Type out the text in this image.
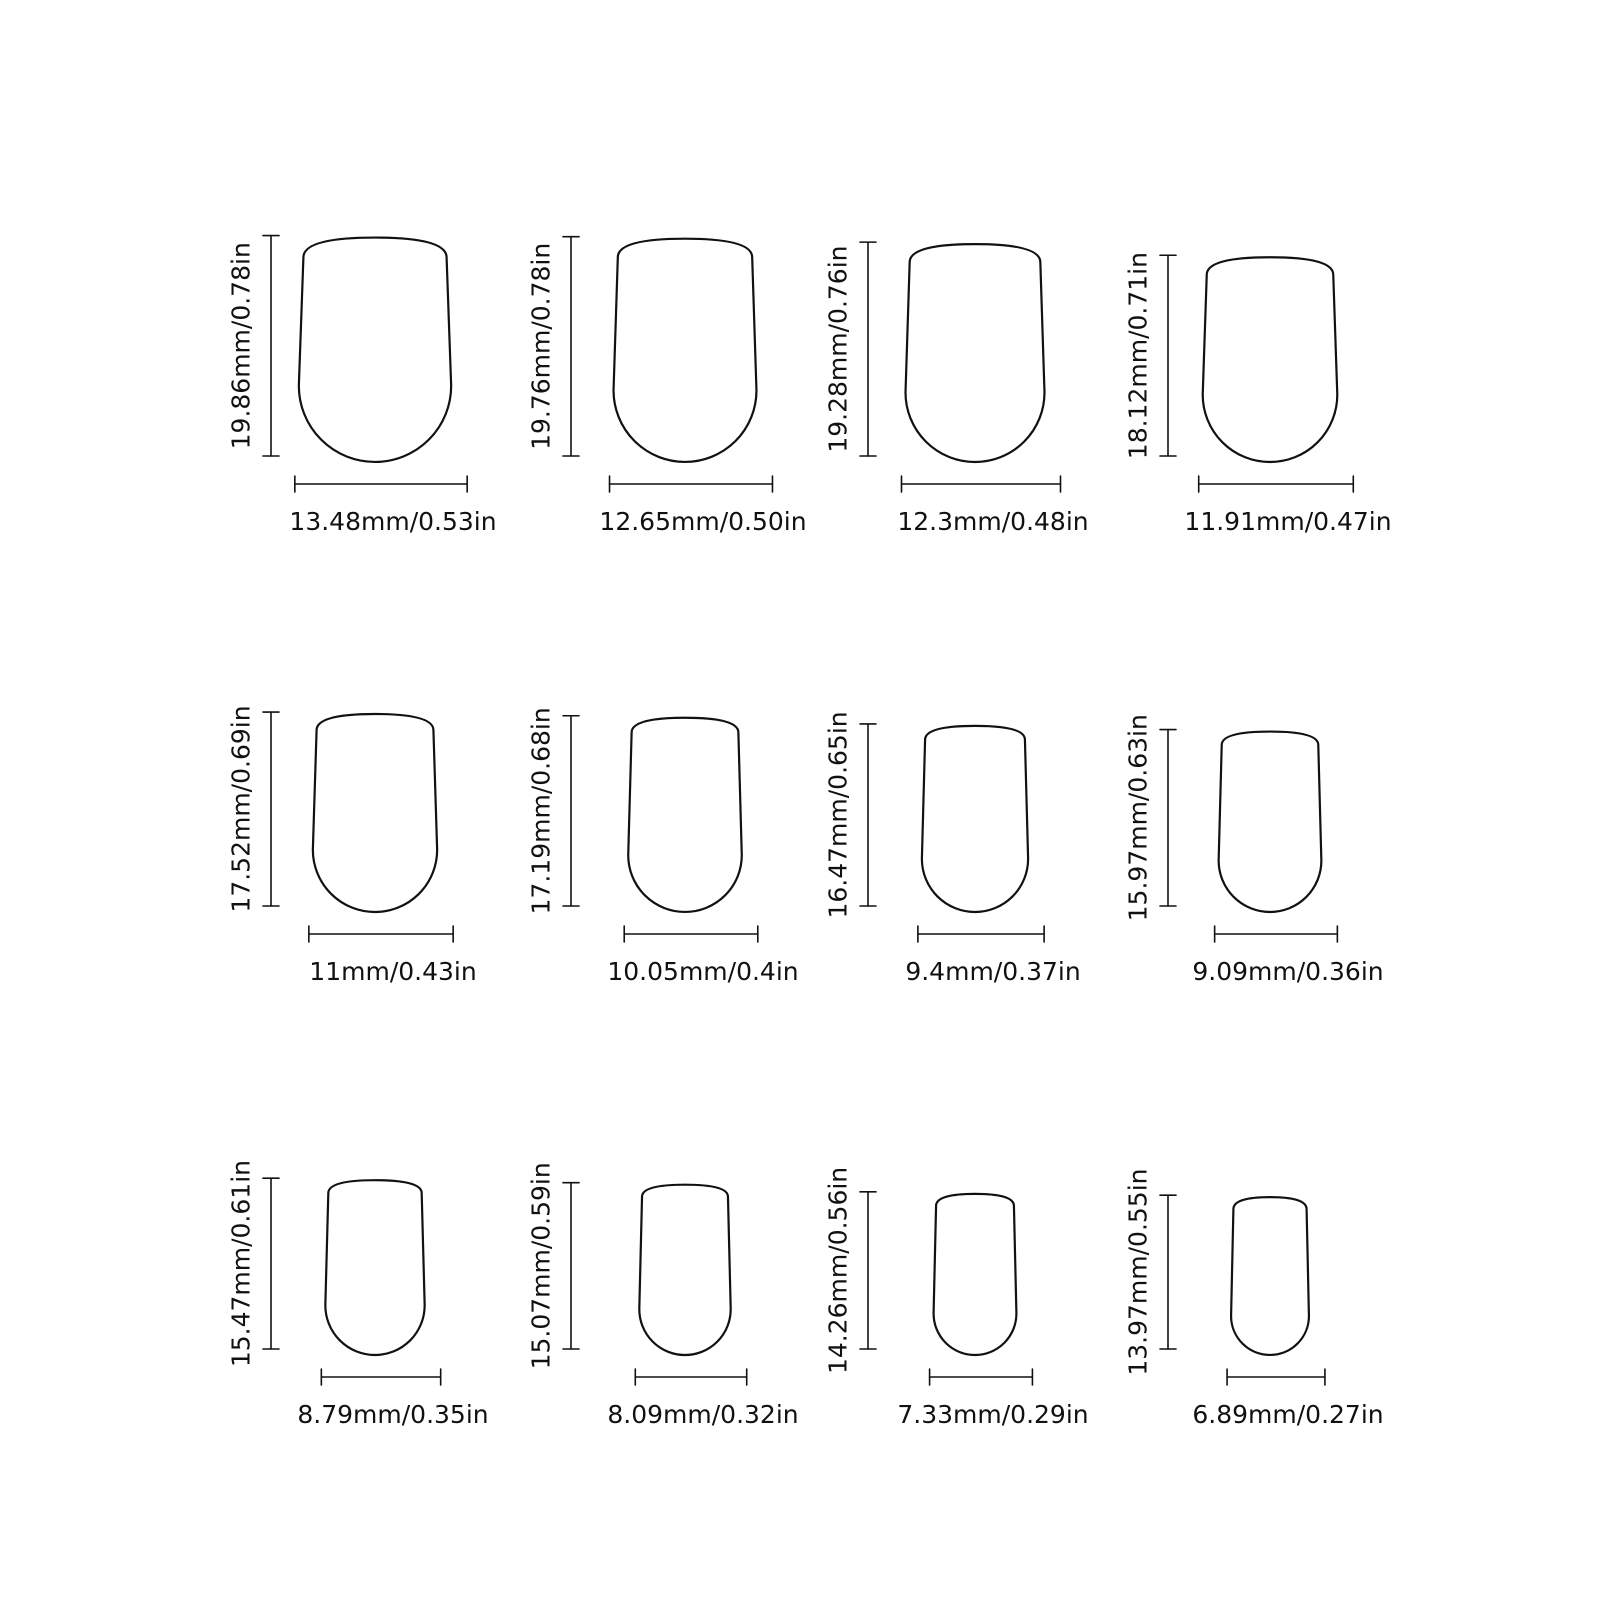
19.86mm/0.78in
13.48mm/0.53in
19.76mm/0.78in
12.65mm/0.50in
19.28mm/0.76in
12.3mm/0.48in
18.12mm/0.71in
11.91mm/0.47in
17.52mm/0.69in
11mm/0.43in
17.19mm/0.68in
10.05mm/0.4in
16.47mm/0.65in
9.4mm/0.37in
15.97mm/0.63in
9.09mm/0.36in
15.47mm/0.61in
8.79mm/0.35in
15.07mm/0.59in
8.09mm/0.32in
14.26mm/0.56in
7.33mm/0.29in
13.97mm/0.55in
6.89mm/0.27in
